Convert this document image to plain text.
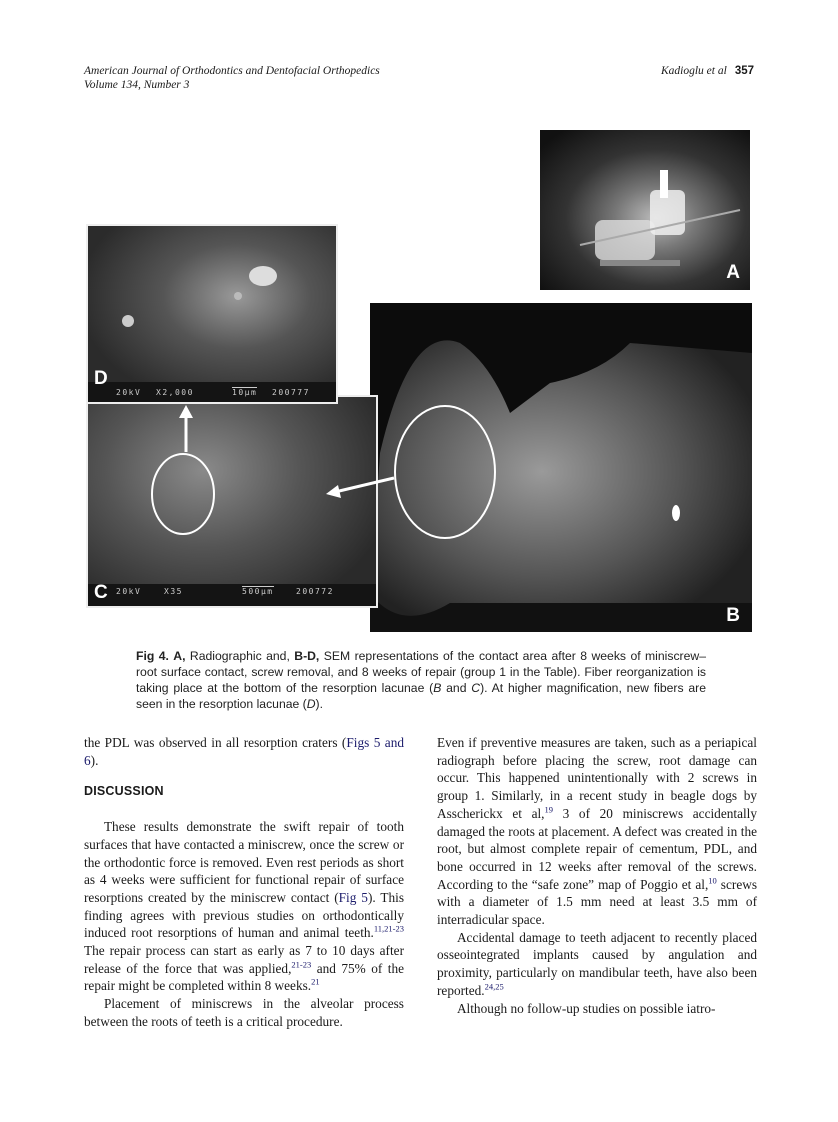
American Journal of Orthodontics and Dentofacial Orthopedics
Volume 134, Number 3
Kadioglu et al 357
A
B
C 20kV	X35	500µm	200772
D
20kV X2,000	10µm 200777
Fig 4. A, Radiographic and, B-D, SEM representations of the contact area after 8 weeks of miniscrew–root surface contact, screw removal, and 8 weeks of repair (group 1 in the Table). Fiber reorganization is taking place at the bottom of the resorption lacunae (B and C). At higher magnification, new fibers are seen in the resorption lacunae (D).

the PDL was observed in all resorption craters (Figs 5 and 6).

DISCUSSION

These results demonstrate the swift repair of tooth surfaces that have contacted a miniscrew, once the screw or the orthodontic force is removed. Even rest periods as short as 4 weeks were sufficient for functional repair of surface resorptions created by the miniscrew contact (Fig 5). This finding agrees with previous studies on orthodontically induced root resorptions of human and animal teeth.$^{11,21-23}$ The repair process can start as early as 7 to 10 days after release of the force that was applied,$^{21-23}$ and 75% of the repair might be completed within 8 weeks.$^{21}$

Placement of miniscrews in the alveolar process between the roots of teeth is a critical procedure.

Even if preventive measures are taken, such as a periapical radiograph before placing the screw, root damage can occur. This happened unintentionally with 2 screws in group 1. Similarly, in a recent study in beagle dogs by Asscherickx et al,$^{19}$ 3 of 20 miniscrews accidentally damaged the roots at placement. A defect was created in the root, but almost complete repair of cementum, PDL, and bone occurred in 12 weeks after removal of the screws. According to the “safe zone” map of Poggio et al,$^{10}$ screws with a diameter of 1.5 mm need at least 3.5 mm of interradicular space.

Accidental damage to teeth adjacent to recently placed osseointegrated implants caused by angulation and proximity, particularly on mandibular teeth, have also been reported.$^{24,25}$

Although no follow-up studies on possible iatro-
